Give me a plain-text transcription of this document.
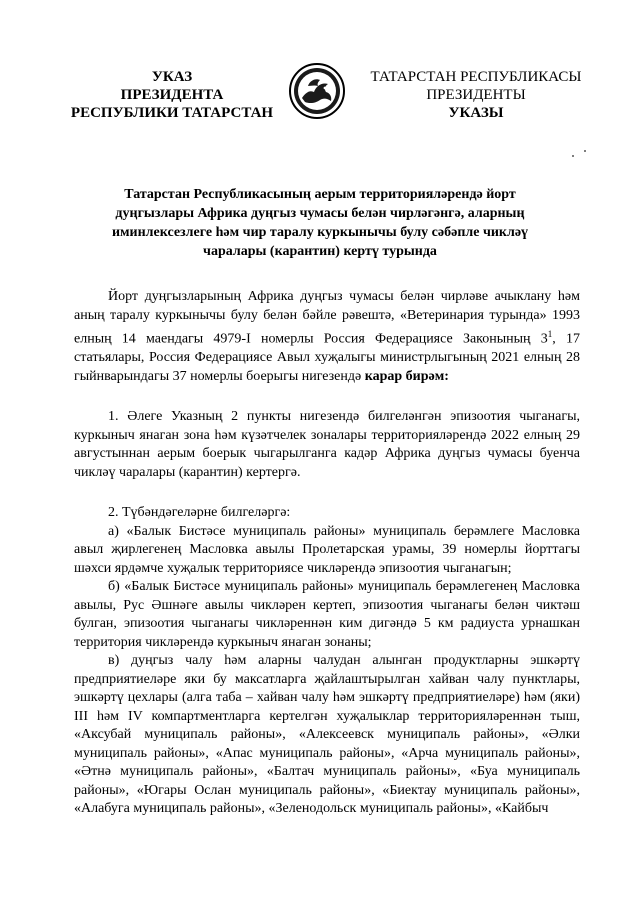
УКАЗ
ПРЕЗИДЕНТА
РЕСПУБЛИКИ ТАТАРСТАН
ТАТАРСТАН РЕСПУБЛИКАСЫ
ПРЕЗИДЕНТЫ
УКАЗЫ
Татарстан Республикасының аерым территорияләрендә йорт дуңгызлары Африка дуңгыз чумасы белән чирләгәнгә, аларның иминлексезлеге һәм чир таралу куркынычы булу сәбәпле чикләү чаралары (карантин) кертү турында

Йорт дуңгызларының Африка дуңгыз чумасы белән чирләве ачыклану һәм аның таралу куркынычы булу белән бәйле рәвештә, «Ветеринария турында» 1993 елның 14 маендагы 4979-I номерлы Россия Федерациясе Законының $3^1$, 17 статьялары, Россия Федерациясе Авыл хуҗалыгы министрлыгының 2021 елның 28 гыйнварындагы 37 номерлы боерыгы нигезендә карар бирәм:

1. Әлеге Указның 2 пункты нигезендә билгеләнгән эпизоотия чыганагы, куркыныч янаган зона һәм күзәтчелек зоналары территорияләрендә 2022 елның 29 августыннан аерым боерык чыгарылганга кадәр Африка дуңгыз чумасы буенча чикләү чаралары (карантин) кертергә.

2. Түбәндәгеләрне билгеләргә:

а) «Балык Бистәсе муниципаль районы» муниципаль берәмлеге Масловка авыл җирлегенең Масловка авылы Пролетарская урамы, 39 номерлы йорттагы шәхси ярдәмче хуҗалык территориясе чикләрендә эпизоотия чыганагын;

б) «Балык Бистәсе муниципаль районы» муниципаль берәмлегенең Масловка авылы, Рус Әшнәге авылы чикләрен кертеп, эпизоотия чыганагы белән чиктәш булган, эпизоотия чыганагы чикләреннән ким дигәндә 5 км радиуста урнашкан территория чикләрендә куркыныч янаган зонаны;

в) дуңгыз чалу һәм аларны чалудан алынган продуктларны эшкәртү предприятиеләре яки бу максатларга җайлаштырылган хайван чалу пунктлары, эшкәртү цехлары (алга таба – хайван чалу һәм эшкәртү предприятиеләре) һәм (яки) III һәм IV компартментларга кертелгән хуҗалыклар территорияләреннән тыш, «Аксубай муниципаль районы», «Алексеевск муниципаль районы», «Әлки муниципаль районы», «Апас муниципаль районы», «Арча муниципаль районы», «Әтнә муниципаль районы», «Балтач муниципаль районы», «Буа муниципаль районы», «Югары Ослан муниципаль районы», «Биектау муниципаль районы», «Алабуга муниципаль районы», «Зеленодольск муниципаль районы», «Кайбыч
